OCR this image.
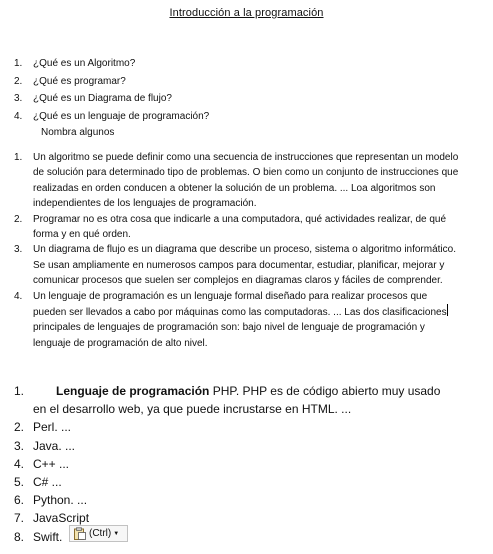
Introducción a la programación
1. ¿Qué es un Algoritmo?
2. ¿Qué es programar?
3. ¿Qué es un Diagrama de flujo?
4. ¿Qué es un lenguaje de programación?
Nombra algunos
1. Un algoritmo se puede definir como una secuencia de instrucciones que representan un modelo de solución para determinado tipo de problemas. O bien como un conjunto de instrucciones que realizadas en orden conducen a obtener la solución de un problema. ... Loa algoritmos son independientes de los lenguajes de programación.
2. Programar no es otra cosa que indicarle a una computadora, qué actividades realizar, de qué forma y en qué orden.
3. Un diagrama de flujo es un diagrama que describe un proceso, sistema o algoritmo informático. Se usan ampliamente en numerosos campos para documentar, estudiar, planificar, mejorar y comunicar procesos que suelen ser complejos en diagramas claros y fáciles de comprender.
4. Un lenguaje de programación es un lenguaje formal diseñado para realizar procesos que pueden ser llevados a cabo por máquinas como las computadoras. ... Las dos clasificaciones principales de lenguajes de programación son: bajo nivel de lenguaje de programación y lenguaje de programación de alto nivel.
1.	Lenguaje de programación PHP. PHP es de código abierto muy usado en el desarrollo web, ya que puede incrustarse en HTML. ...
2. Perl. ...
3. Java. ...
4. C++ ...
5. C# ...
6. Python. ...
7. JavaScript
8. Swift.	(Ctrl) ▼
